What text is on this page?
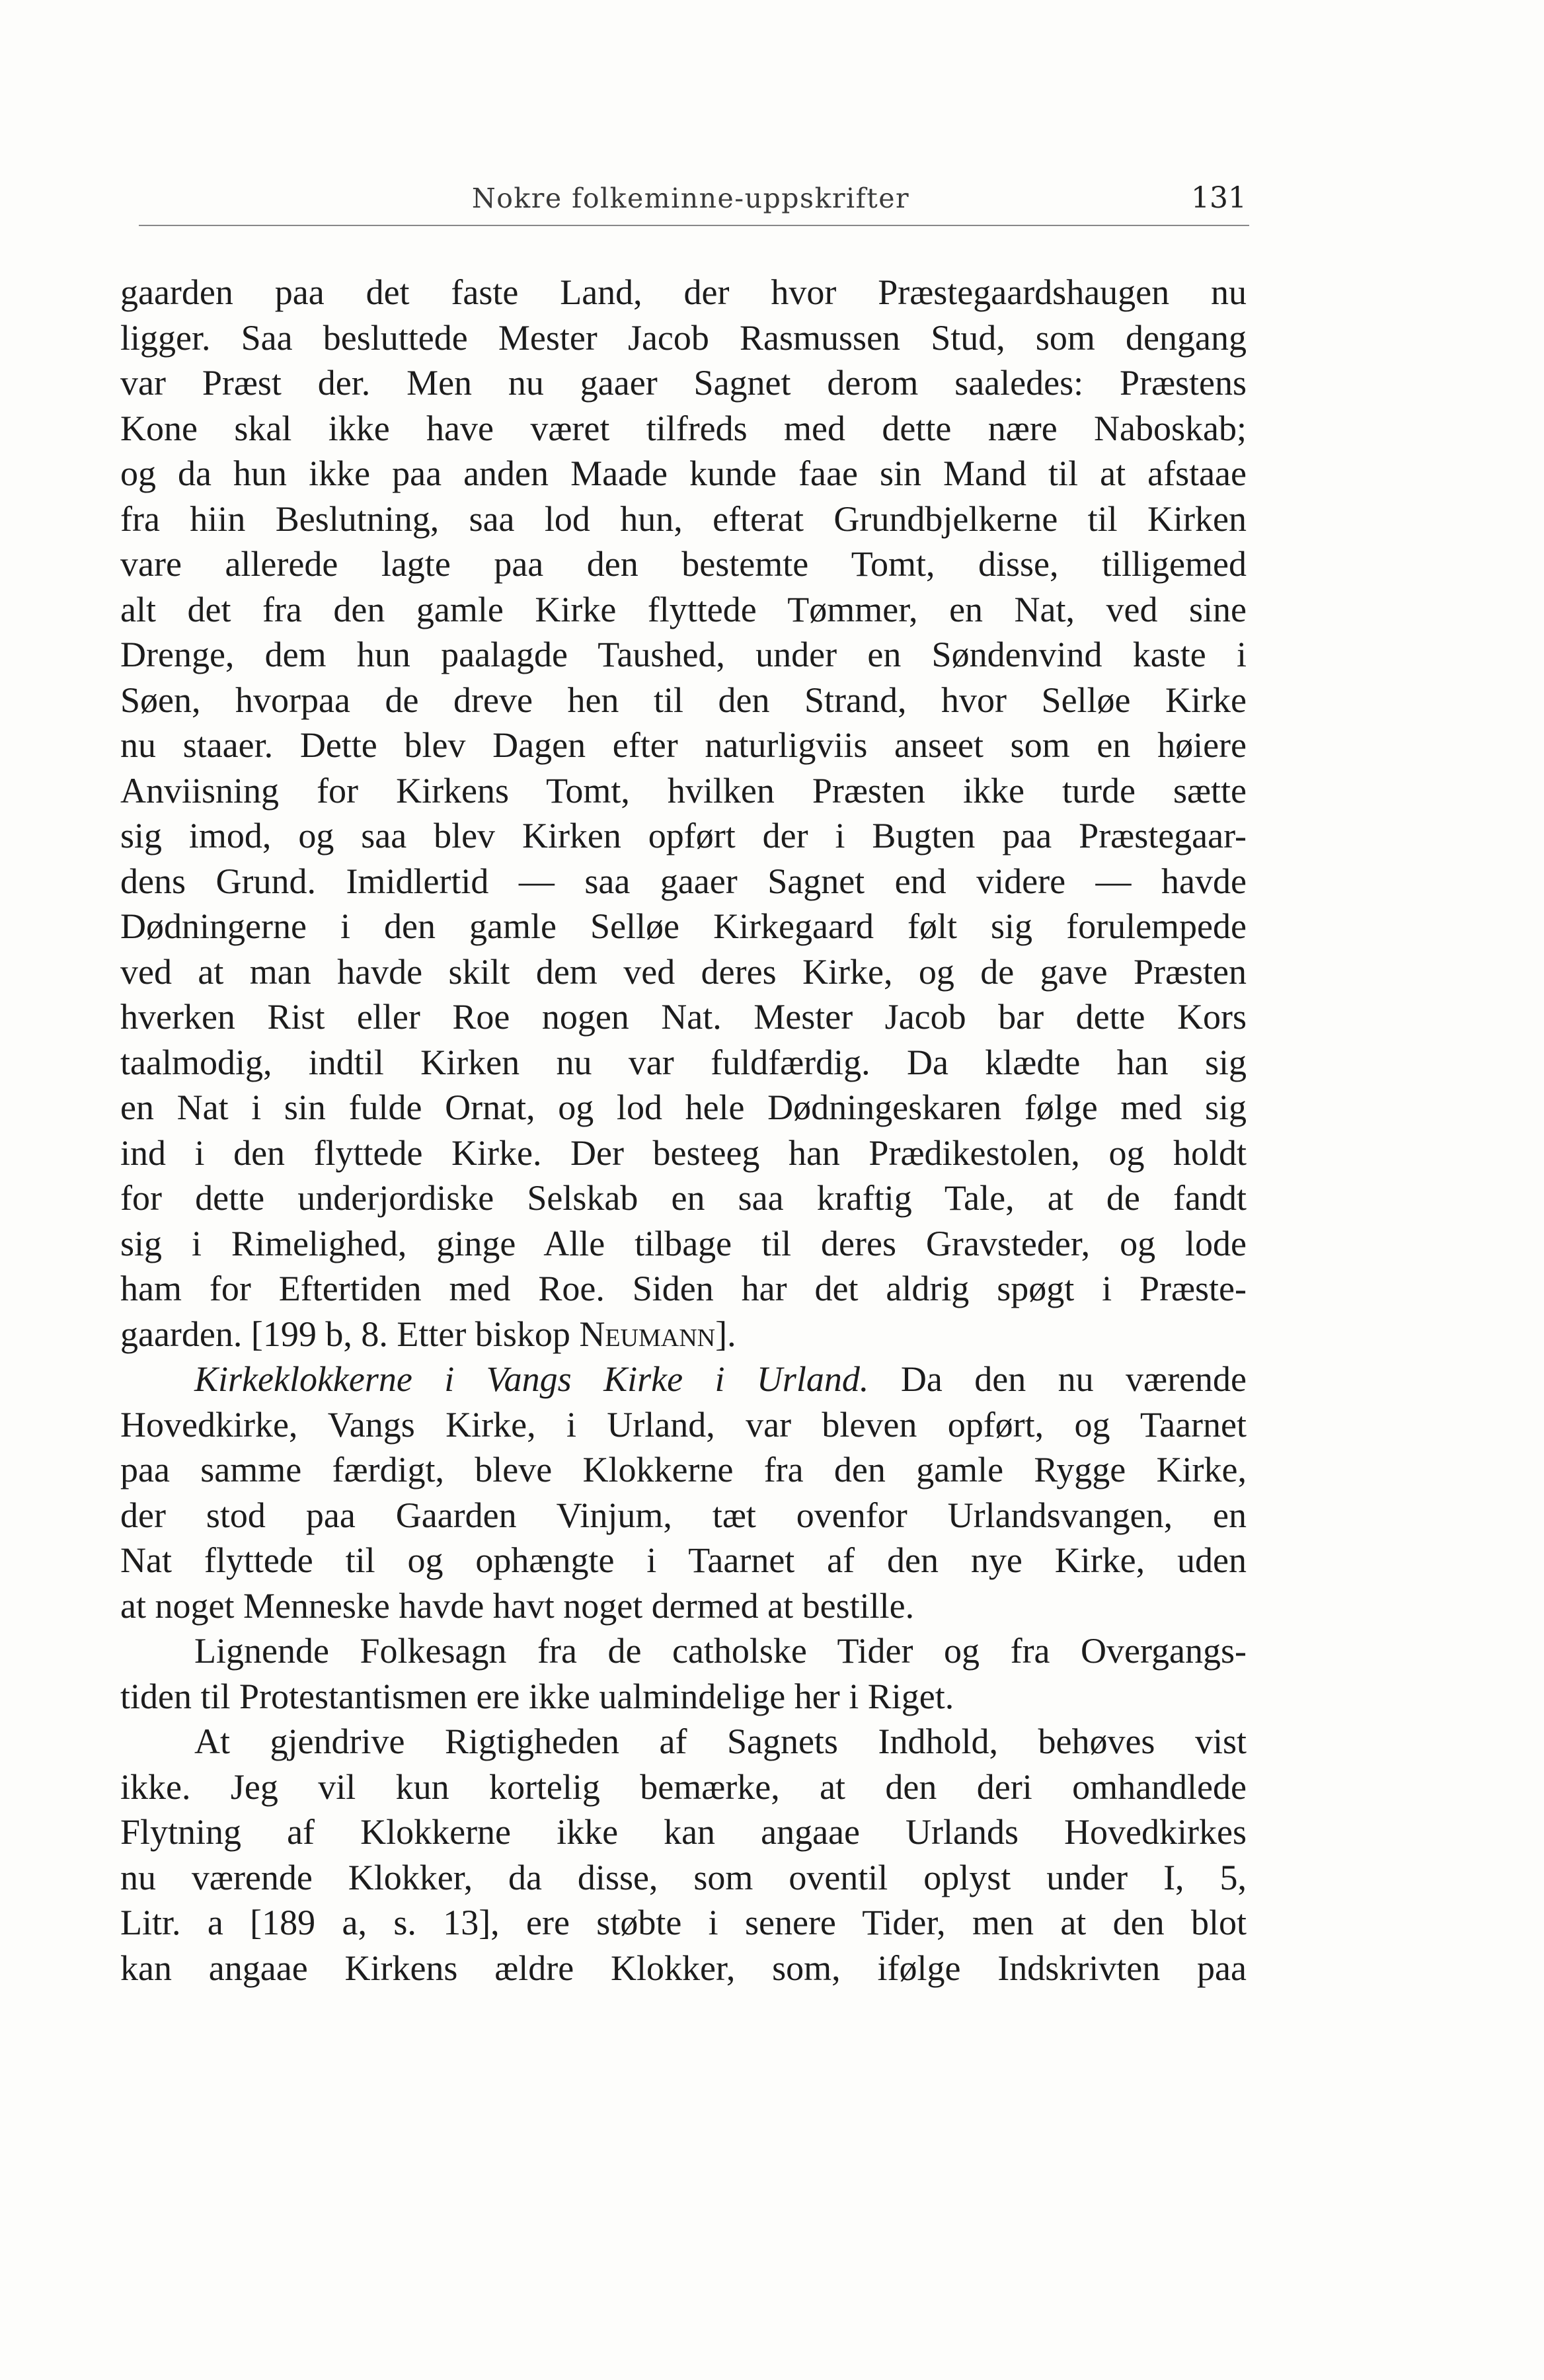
Nokre folkeminne-uppskrifter	131
gaarden paa det faste Land, der hvor Præstegaardshaugen nu
ligger. Saa besluttede Mester Jacob Rasmussen Stud, som dengang
var Præst der. Men nu gaaer Sagnet derom saaledes: Præstens
Kone skal ikke have været tilfreds med dette nære Naboskab;
og da hun ikke paa anden Maade kunde faae sin Mand til at afstaae
fra hiin Beslutning, saa lod hun, efterat Grundbjelkerne til Kirken
vare allerede lagte paa den bestemte Tomt, disse, tilligemed
alt det fra den gamle Kirke flyttede Tømmer, en Nat, ved sine
Drenge, dem hun paalagde Taushed, under en Søndenvind kaste i
Søen, hvorpaa de dreve hen til den Strand, hvor Selløe Kirke
nu staaer. Dette blev Dagen efter naturligviis anseet som en høiere
Anviisning for Kirkens Tomt, hvilken Præsten ikke turde sætte
sig imod, og saa blev Kirken opført der i Bugten paa Præstegaar-
dens Grund. Imidlertid — saa gaaer Sagnet end videre — havde
Dødningerne i den gamle Selløe Kirkegaard følt sig forulempede
ved at man havde skilt dem ved deres Kirke, og de gave Præsten
hverken Rist eller Roe nogen Nat. Mester Jacob bar dette Kors
taalmodig, indtil Kirken nu var fuldfærdig. Da klædte han sig
en Nat i sin fulde Ornat, og lod hele Dødningeskaren følge med sig
ind i den flyttede Kirke. Der besteeg han Prædikestolen, og holdt
for dette underjordiske Selskab en saa kraftig Tale, at de fandt
sig i Rimelighed, ginge Alle tilbage til deres Gravsteder, og lode
ham for Eftertiden med Roe. Siden har det aldrig spøgt i Præste-
gaarden. [199 b, 8. Etter biskop Neumann].
Kirkeklokkerne i Vangs Kirke i Urland. Da den nu værende
Hovedkirke, Vangs Kirke, i Urland, var bleven opført, og Taarnet
paa samme færdigt, bleve Klokkerne fra den gamle Rygge Kirke,
der stod paa Gaarden Vinjum, tæt ovenfor Urlandsvangen, en
Nat flyttede til og ophængte i Taarnet af den nye Kirke, uden
at noget Menneske havde havt noget dermed at bestille.
Lignende Folkesagn fra de catholske Tider og fra Overgangs-
tiden til Protestantismen ere ikke ualmindelige her i Riget.
At gjendrive Rigtigheden af Sagnets Indhold, behøves vist
ikke. Jeg vil kun kortelig bemærke, at den deri omhandlede
Flytning af Klokkerne ikke kan angaae Urlands Hovedkirkes
nu værende Klokker, da disse, som oventil oplyst under I, 5,
Litr. a [189 a, s. 13], ere støbte i senere Tider, men at den blot
kan angaae Kirkens ældre Klokker, som, ifølge Indskrivten paa
